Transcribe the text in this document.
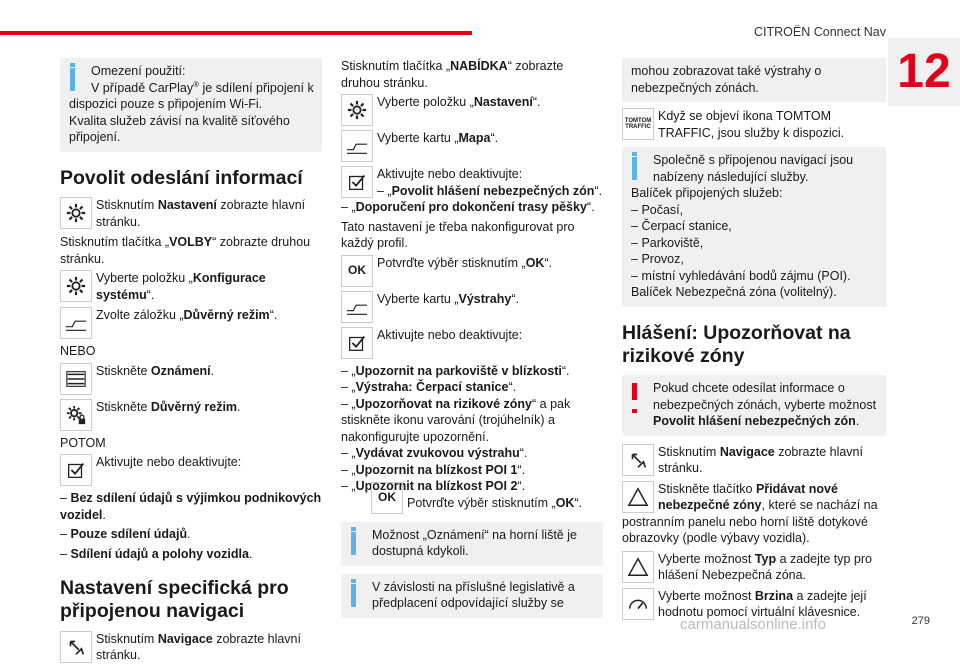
CITROËN Connect Nav
12
Omezení použití:
V případě CarPlay® je sdílení připojení k dispozici pouze s připojením Wi-Fi.
Kvalita služeb závisí na kvalitě síťového připojení.
Povolit odeslání informací
Stisknutím Nastavení zobrazte hlavní stránku.
Stisknutím tlačítka „VOLBY“ zobrazte druhou stránku.
Vyberte položku „Konfigurace systému“.
Zvolte záložku „Důvěrný režim“.
NEBO
Stiskněte Oznámení.
Stiskněte Důvěrný režim.
POTOM
Aktivujte nebo deaktivujte:
– Bez sdílení údajů s výjimkou podnikových vozidel.
– Pouze sdílení údajů.
– Sdílení údajů a polohy vozidla.
Nastavení specifická pro připojenou navigaci
Stisknutím Navigace zobrazte hlavní stránku.
Stisknutím tlačítka „NABÍDKA“ zobrazte druhou stránku.
Vyberte položku „Nastavení“.
Vyberte kartu „Mapa“.
Aktivujte nebo deaktivujte:
– „Povolit hlášení nebezpečných zón“.
– „Doporučení pro dokončení trasy pěšky“.
Tato nastavení je třeba nakonfigurovat pro každý profil.
OK
Potvrďte výběr stisknutím „OK“.
Vyberte kartu „Výstrahy“.
Aktivujte nebo deaktivujte:
– „Upozornit na parkoviště v blízkosti“.
– „Výstraha: Čerpací stanice“.
– „Upozorňovat na rizikové zóny“ a pak stiskněte ikonu varování (trojúhelník) a nakonfigurujte upozornění.
– „Vydávat zvukovou výstrahu“.
– „Upozornit na blízkost POI 1“.
– „Upozornit na blízkost POI 2“.
OK Potvrďte výběr stisknutím „OK“.
Možnost „Oznámení“ na horní liště je dostupná kdykoli.
V závislosti na příslušné legislativě a předplacení odpovídající služby se
mohou zobrazovat také výstrahy o nebezpečných zónách.
TOMTOM TRAFFIC
Když se objeví ikona TOMTOM TRAFFIC, jsou služby k dispozici.
Společně s připojenou navigací jsou nabízeny následující služby.
Balíček připojených služeb:
– Počasí,
– Čerpací stanice,
– Parkoviště,
– Provoz,
– místní vyhledávání bodů zájmu (POI).
Balíček Nebezpečná zóna (volitelný).
Hlášení: Upozorňovat na rizikové zóny
Pokud chcete odesílat informace o nebezpečných zónách, vyberte možnost Povolit hlášení nebezpečných zón.
Stisknutím Navigace zobrazte hlavní stránku.
Stiskněte tlačítko Přidávat nové nebezpečné zóny, které se nachází na postranním panelu nebo horní liště dotykové obrazovky (podle výbavy vozidla).
Vyberte možnost Typ a zadejte typ pro hlášení Nebezpečná zóna.
Vyberte možnost Brzina a zadejte její hodnotu pomocí virtuální klávesnice.
carmanualsonline.info	279
